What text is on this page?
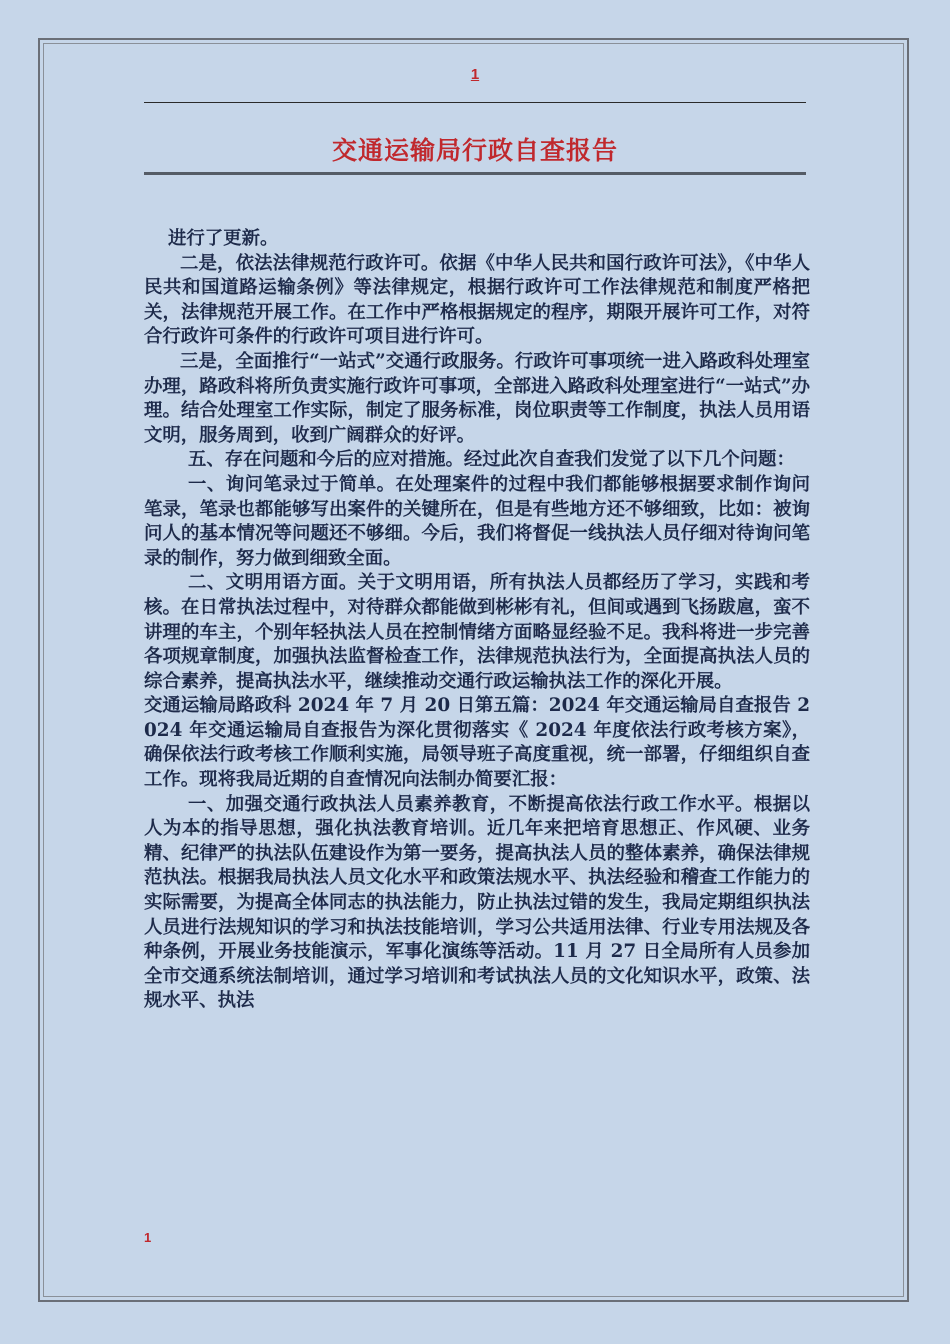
1
交通运输局行政自查报告

进行了更新。

二是，依法法律规范行政许可。依据《中华人民共和国行政许可法》，《中华人民共和国道路运输条例》等法律规定，根据行政许可工作法律规范和制度严格把关，法律规范开展工作。在工作中严格根据规定的程序，期限开展许可工作，对符合行政许可条件的行政许可项目进行许可。

三是，全面推行“一站式”交通行政服务。行政许可事项统一进入路政科处理室办理，路政科将所负责实施行政许可事项，全部进入路政科处理室进行“一站式”办理。结合处理室工作实际，制定了服务标准，岗位职责等工作制度，执法人员用语文明，服务周到，收到广阔群众的好评。

五、存在问题和今后的应对措施。经过此次自查我们发觉了以下几个问题：

一、询问笔录过于简单。在处理案件的过程中我们都能够根据要求制作询问笔录，笔录也都能够写出案件的关键所在，但是有些地方还不够细致，比如：被询问人的基本情况等问题还不够细。今后，我们将督促一线执法人员仔细对待询问笔录的制作，努力做到细致全面。

二、文明用语方面。关于文明用语，所有执法人员都经历了学习，实践和考核。在日常执法过程中，对待群众都能做到彬彬有礼，但间或遇到飞扬跋扈，蛮不讲理的车主，个别年轻执法人员在控制情绪方面略显经验不足。我科将进一步完善各项规章制度，加强执法监督检查工作，法律规范执法行为，全面提高执法人员的综合素养，提高执法水平，继续推动交通行政运输执法工作的深化开展。

交通运输局路政科 2024 年 7 月 20 日第五篇：2024 年交通运输局自查报告 2024 年交通运输局自查报告为深化贯彻落实《 2024 年度依法行政考核方案》，确保依法行政考核工作顺利实施，局领导班子高度重视，统一部署，仔细组织自查工作。现将我局近期的自查情况向法制办简要汇报：

一、加强交通行政执法人员素养教育，不断提高依法行政工作水平。根据以人为本的指导思想，强化执法教育培训。近几年来把培育思想正、作风硬、业务精、纪律严的执法队伍建设作为第一要务，提高执法人员的整体素养，确保法律规范执法。根据我局执法人员文化水平和政策法规水平、执法经验和稽查工作能力的实际需要，为提高全体同志的执法能力，防止执法过错的发生，我局定期组织执法人员进行法规知识的学习和执法技能培训，学习公共适用法律、行业专用法规及各种条例，开展业务技能演示，军事化演练等活动。11 月 27 日全局所有人员参加全市交通系统法制培训，通过学习培训和考试执法人员的文化知识水平，政策、法规水平、执法

1
